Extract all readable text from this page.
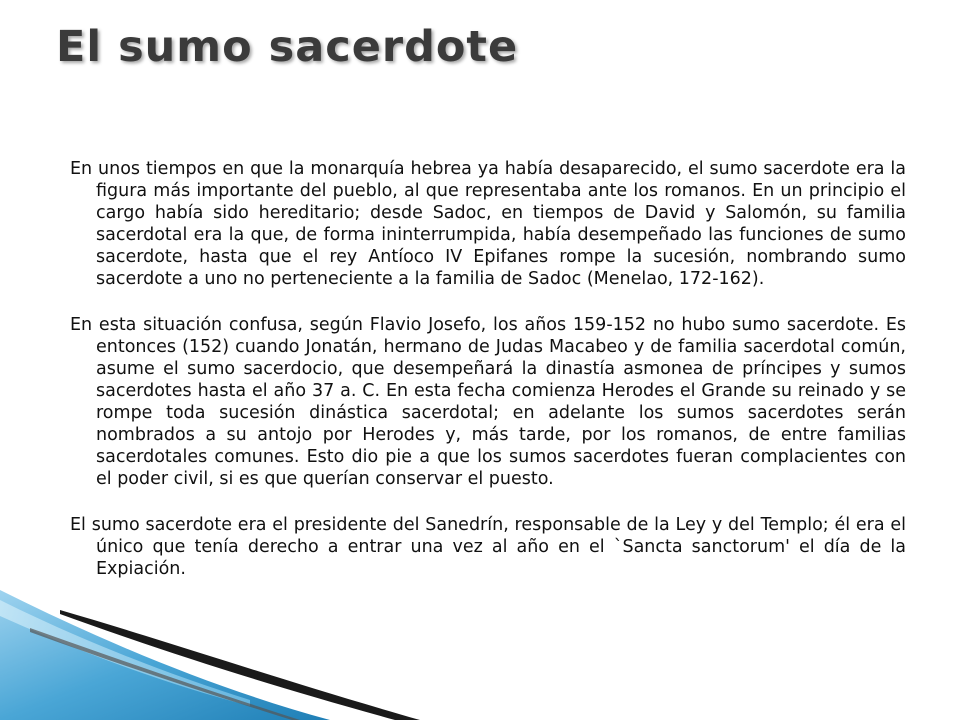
El sumo sacerdote

En unos tiempos en que la monarquía hebrea ya había desaparecido, el sumo sacerdote era la figura más importante del pueblo, al que representaba ante los romanos. En un principio el cargo había sido hereditario; desde Sadoc, en tiempos de David y Salomón, su familia sacerdotal era la que, de forma ininterrumpida, había desempeñado las funciones de sumo sacerdote, hasta que el rey Antíoco IV Epifanes rompe la sucesión, nombrando sumo sacerdote a uno no perteneciente a la familia de Sadoc (Menelao, 172-162).

En esta situación confusa, según Flavio Josefo, los años 159-152 no hubo sumo sacerdote. Es entonces (152) cuando Jonatán, hermano de Judas Macabeo y de familia sacerdotal común, asume el sumo sacerdocio, que desempeñará la dinastía asmonea de príncipes y sumos sacerdotes hasta el año 37 a. C. En esta fecha comienza Herodes el Grande su reinado y se rompe toda sucesión dinástica sacerdotal; en adelante los sumos sacerdotes serán nombrados a su antojo por Herodes y, más tarde, por los romanos, de entre familias sacerdotales comunes. Esto dio pie a que los sumos sacerdotes fueran complacientes con el poder civil, si es que querían conservar el puesto.

El sumo sacerdote era el presidente del Sanedrín, responsable de la Ley y del Templo; él era el único que tenía derecho a entrar una vez al año en el `Sancta sanctorum' el día de la Expiación.
